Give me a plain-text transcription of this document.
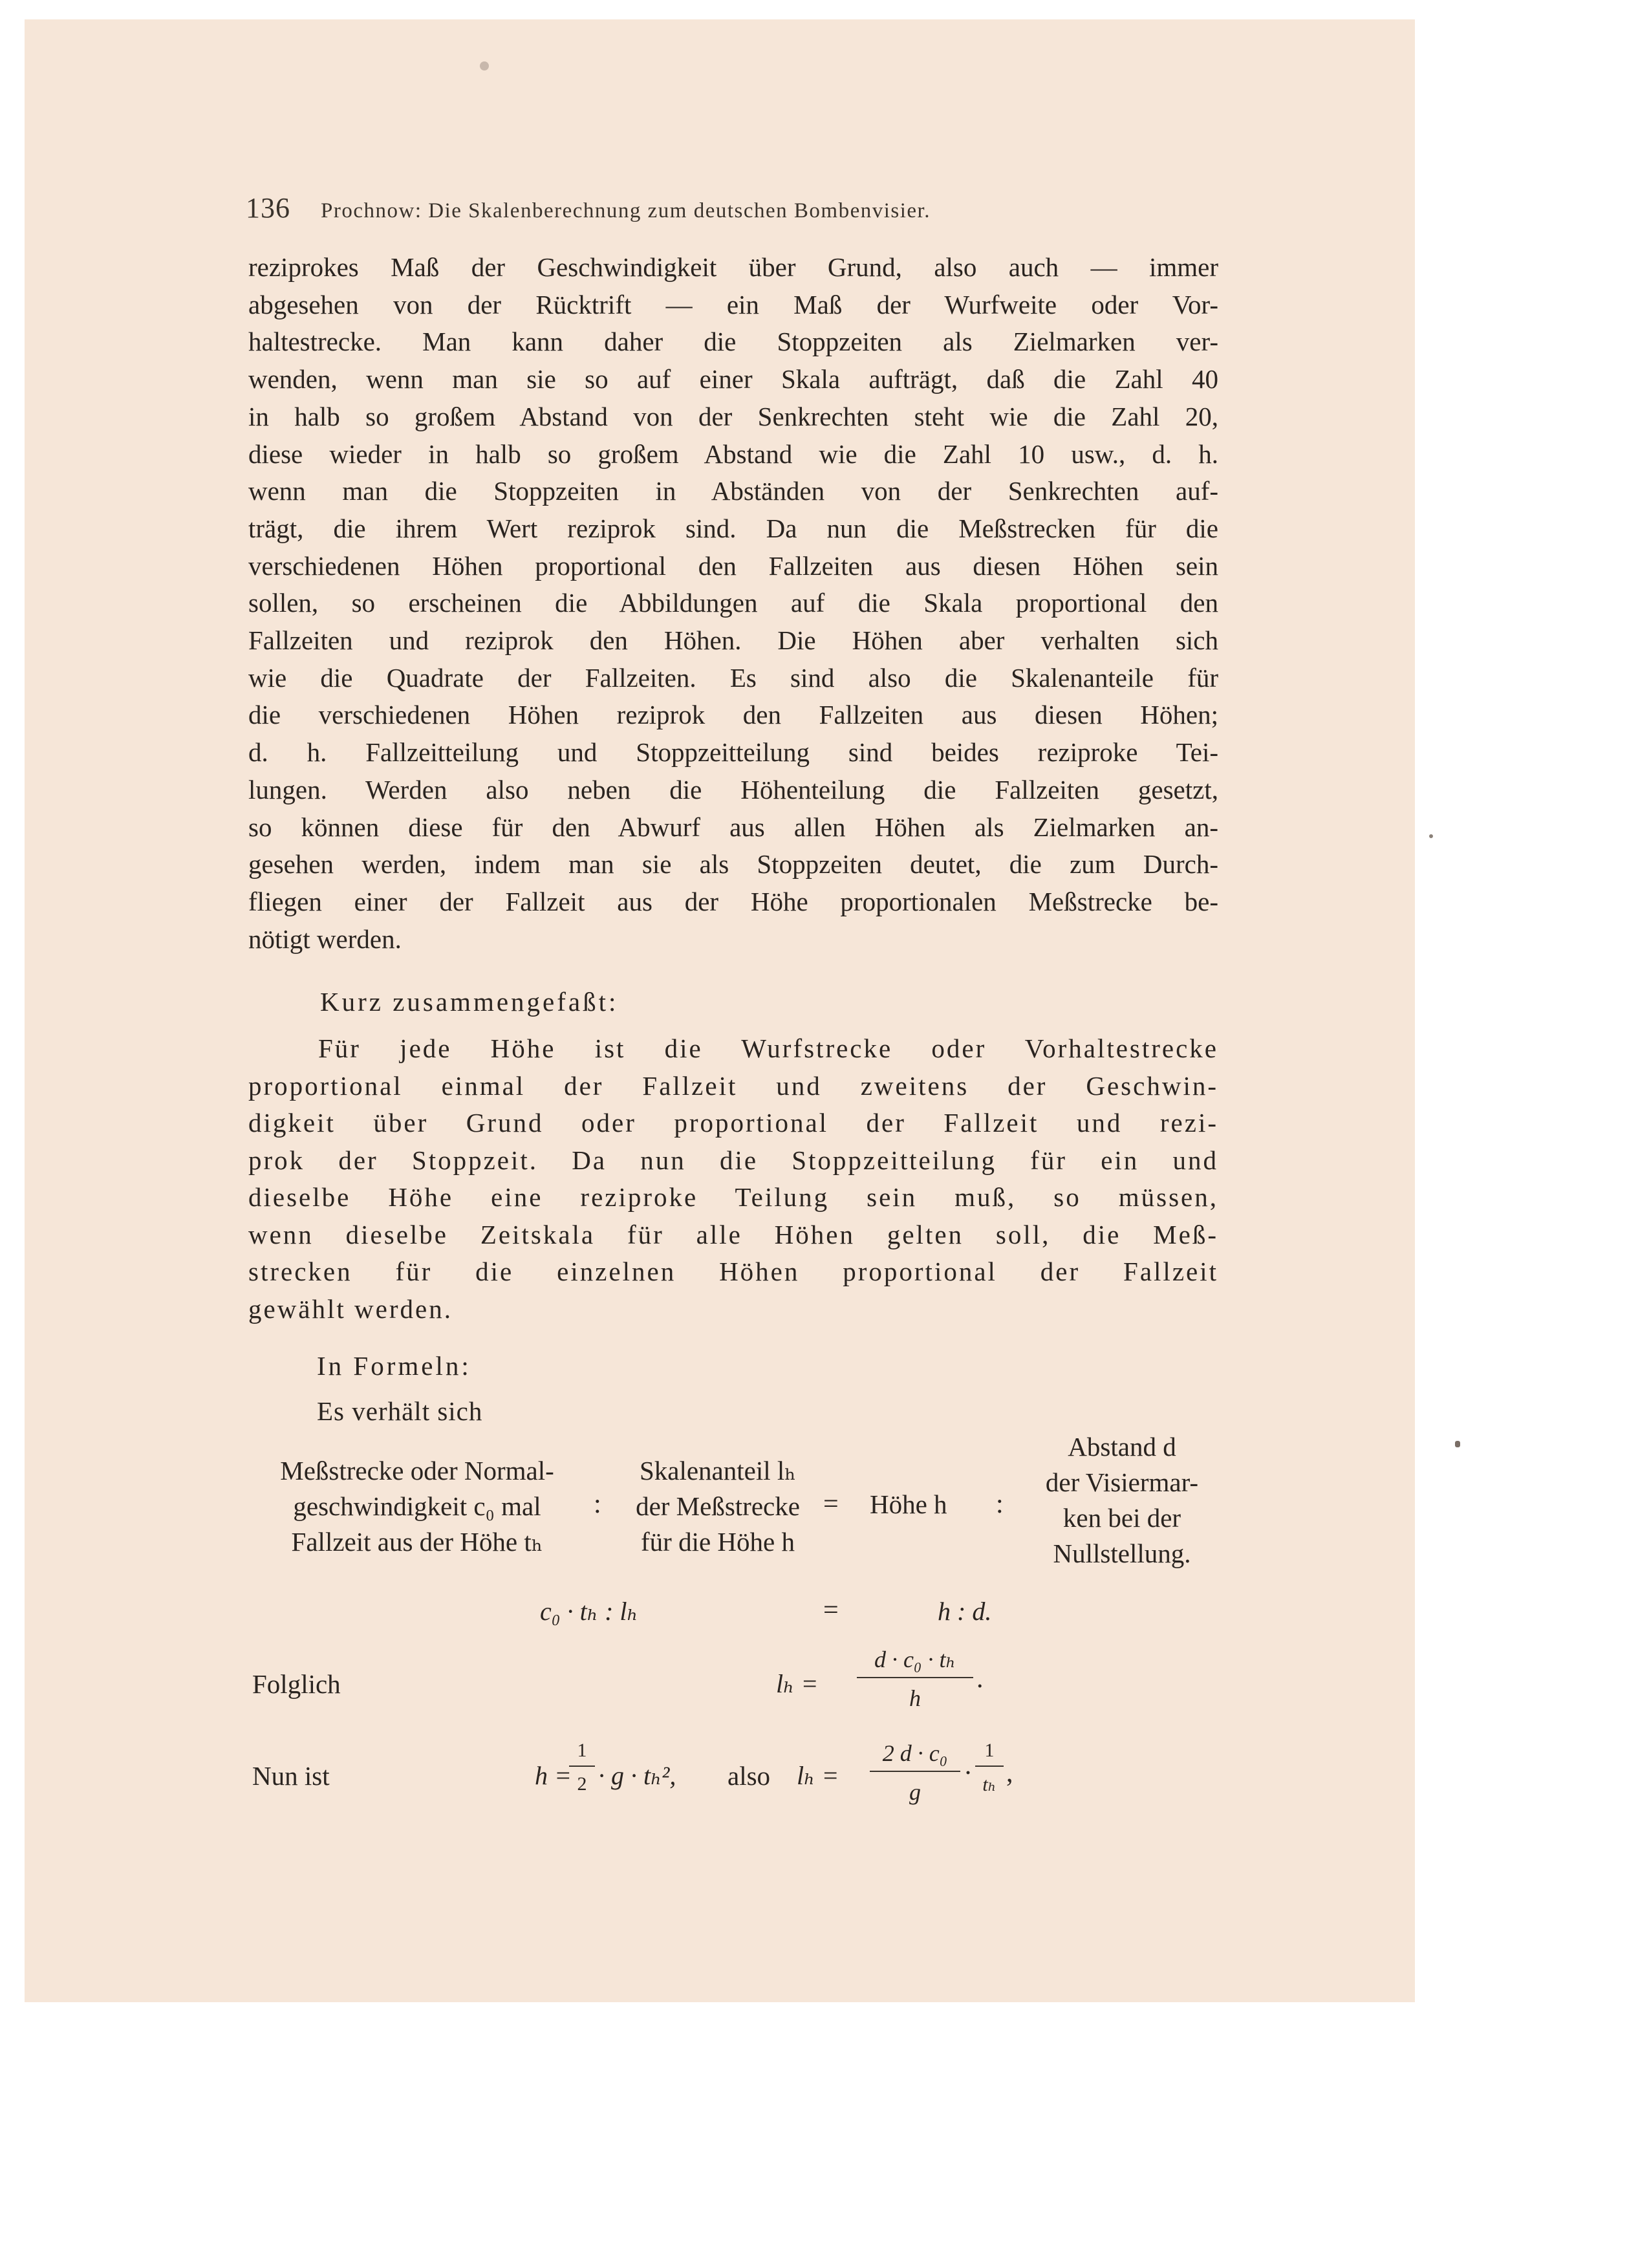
136 Prochnow: Die Skalenberechnung zum deutschen Bombenvisier.
reziprokes Maß der Geschwindigkeit über Grund, also auch — immer
abgesehen von der Rücktrift — ein Maß der Wurfweite oder Vor-
haltestrecke. Man kann daher die Stoppzeiten als Zielmarken ver-
wenden, wenn man sie so auf einer Skala aufträgt, daß die Zahl 40
in halb so großem Abstand von der Senkrechten steht wie die Zahl 20,
diese wieder in halb so großem Abstand wie die Zahl 10 usw., d. h.
wenn man die Stoppzeiten in Abständen von der Senkrechten auf-
trägt, die ihrem Wert reziprok sind. Da nun die Meßstrecken für die
verschiedenen Höhen proportional den Fallzeiten aus diesen Höhen sein
sollen, so erscheinen die Abbildungen auf die Skala proportional den
Fallzeiten und reziprok den Höhen. Die Höhen aber verhalten sich
wie die Quadrate der Fallzeiten. Es sind also die Skalenanteile für
die verschiedenen Höhen reziprok den Fallzeiten aus diesen Höhen;
d. h. Fallzeitteilung und Stoppzeitteilung sind beides reziproke Tei-
lungen. Werden also neben die Höhenteilung die Fallzeiten gesetzt,
so können diese für den Abwurf aus allen Höhen als Zielmarken an-
gesehen werden, indem man sie als Stoppzeiten deutet, die zum Durch-
fliegen einer der Fallzeit aus der Höhe proportionalen Meßstrecke be-
nötigt werden.
Kurz zusammengefaßt:
Für jede Höhe ist die Wurfstrecke oder Vorhaltestrecke
proportional einmal der Fallzeit und zweitens der Geschwin-
digkeit über Grund oder proportional der Fallzeit und rezi-
prok der Stoppzeit. Da nun die Stoppzeitteilung für ein und
dieselbe Höhe eine reziproke Teilung sein muß, so müssen,
wenn dieselbe Zeitskala für alle Höhen gelten soll, die Meß-
strecken für die einzelnen Höhen proportional der Fallzeit
gewählt werden.
In Formeln:
Es verhält sich
Meßstrecke oder Normal-
geschwindigkeit c₀ mal
Fallzeit aus der Höhe tₕ
:
Skalenanteil lₕ
der Meßstrecke
für die Höhe h
= Höhe h :
Abstand d
der Visiermar-
ken bei der
Nullstellung.
c₀ · tₕ : lₕ	=	h : d.
Folglich	$l_h = \frac{\text{d · c₀ · tₕ}}{h}$ .
Nun ist	h =
$\frac{1}{2} \cdot g \cdot t_h^2$, also $l_h = \frac{\text{2 d · c₀}}{g} \cdot \frac{1}{\text{tₕ}}$ ,
